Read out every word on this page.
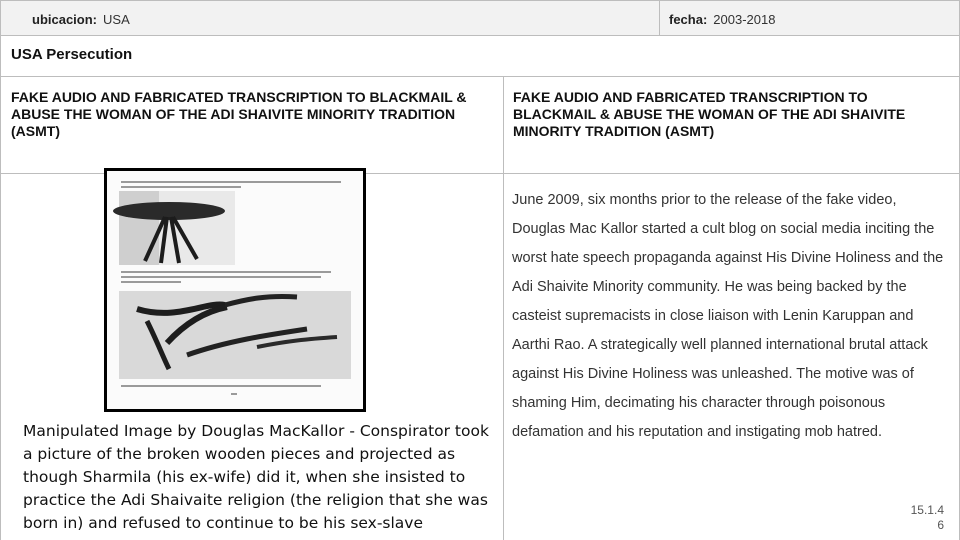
ubicacion: USA	fecha: 2003-2018
USA Persecution
FAKE AUDIO AND FABRICATED TRANSCRIPTION TO BLACKMAIL & ABUSE THE WOMAN OF THE ADI SHAIVITE MINORITY TRADITION (ASMT)
FAKE AUDIO AND FABRICATED TRANSCRIPTION TO BLACKMAIL & ABUSE THE WOMAN OF THE ADI SHAIVITE MINORITY TRADITION (ASMT)
Manipulated Image by Douglas MacKallor - Conspirator took a picture of the broken wooden pieces and projected as though Sharmila (his ex-wife) did it, when she insisted to practice the Adi Shaivaite religion (the religion that she was born in) and refused to continue to be his sex-slave
June 2009, six months prior to the release of the fake video, Douglas Mac Kallor started a cult blog on social media inciting the worst hate speech propaganda against His Divine Holiness and the Adi Shaivite Minority community. He was being backed by the casteist supremacists in close liaison with Lenin Karuppan and Aarthi Rao. A strategically well planned international brutal attack against His Divine Holiness was unleashed. The motive was of shaming Him, decimating his character through poisonous defamation and his reputation and instigating mob hatred.
15.1.4
6
